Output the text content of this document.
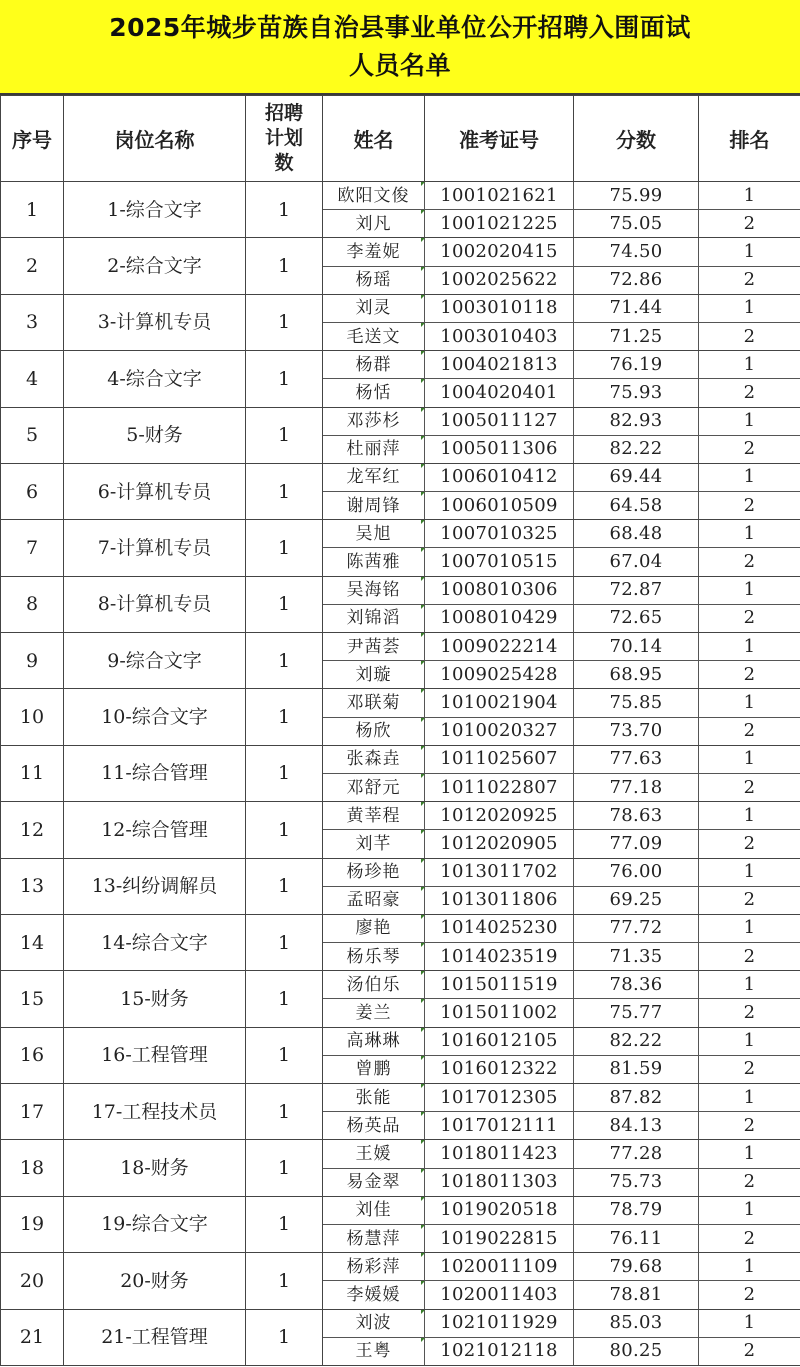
2025年城步苗族自治县事业单位公开招聘入围面试
人员名单
序号	岗位名称	招聘
计划
数	姓名	准考证号	分数	排名
1	1-综合文字	1	欧阳文俊	1001021621	75.99	1
			刘凡	1001021225	75.05	2
2	2-综合文字	1	李羞妮	1002020415	74.50	1
			杨瑶	1002025622	72.86	2
3	3-计算机专员	1	刘灵	1003010118	71.44	1
			毛送文	1003010403	71.25	2
4	4-综合文字	1	杨群	1004021813	76.19	1
			杨恬	1004020401	75.93	2
5	5-财务	1	邓莎杉	1005011127	82.93	1
			杜丽萍	1005011306	82.22	2
6	6-计算机专员	1	龙军红	1006010412	69.44	1
			谢周锋	1006010509	64.58	2
7	7-计算机专员	1	吴旭	1007010325	68.48	1
			陈茜雅	1007010515	67.04	2
8	8-计算机专员	1	吴海铭	1008010306	72.87	1
			刘锦滔	1008010429	72.65	2
9	9-综合文字	1	尹茜荟	1009022214	70.14	1
			刘璇	1009025428	68.95	2
10	10-综合文字	1	邓联菊	1010021904	75.85	1
			杨欣	1010020327	73.70	2
11	11-综合管理	1	张森垚	1011025607	77.63	1
			邓舒元	1011022807	77.18	2
12	12-综合管理	1	黄莘程	1012020925	78.63	1
			刘芊	1012020905	77.09	2
13	13-纠纷调解员	1	杨珍艳	1013011702	76.00	1
			孟昭豪	1013011806	69.25	2
14	14-综合文字	1	廖艳	1014025230	77.72	1
			杨乐琴	1014023519	71.35	2
15	15-财务	1	汤伯乐	1015011519	78.36	1
			姜兰	1015011002	75.77	2
16	16-工程管理	1	高琳琳	1016012105	82.22	1
			曾鹏	1016012322	81.59	2
17	17-工程技术员	1	张能	1017012305	87.82	1
			杨英品	1017012111	84.13	2
18	18-财务	1	王媛	1018011423	77.28	1
			易金翠	1018011303	75.73	2
19	19-综合文字	1	刘佳	1019020518	78.79	1
			杨慧萍	1019022815	76.11	2
20	20-财务	1	杨彩萍	1020011109	79.68	1
			李媛媛	1020011403	78.81	2
21	21-工程管理	1	刘波	1021011929	85.03	1
			王粤	1021012118	80.25	2
